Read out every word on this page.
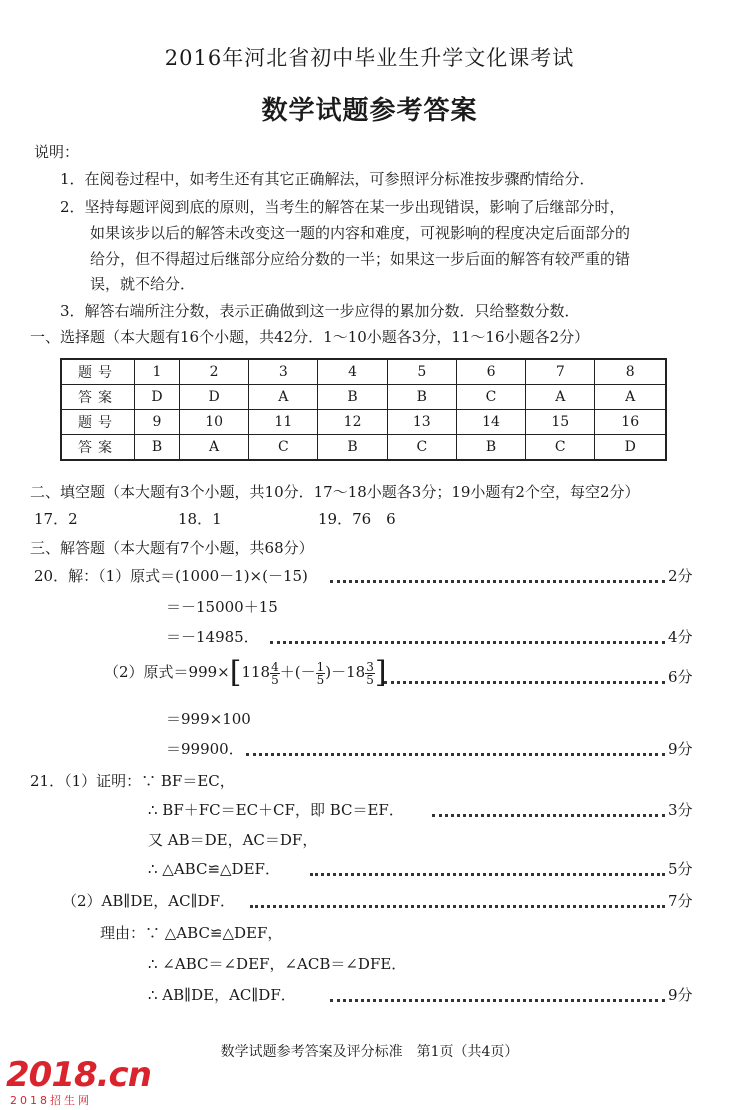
2016年河北省初中毕业生升学文化课考试
数学试题参考答案
说明：
1．在阅卷过程中，如考生还有其它正确解法，可参照评分标准按步骤酌情给分．
2．坚持每题评阅到底的原则，当考生的解答在某一步出现错误，影响了后继部分时，
如果该步以后的解答未改变这一题的内容和难度，可视影响的程度决定后面部分的
给分，但不得超过后继部分应给分数的一半；如果这一步后面的解答有较严重的错
误，就不给分．
3．解答右端所注分数，表示正确做到这一步应得的累加分数．只给整数分数．
一、选择题（本大题有16个小题，共42分．1～10小题各3分，11～16小题各2分）
题号	1	2	3	4	5	6	7	8
答案	D	D	A	B	B	C	A	A
题号	9	10	11	12	13	14	15	16
答案	B	A	C	B	C	B	C	D
二、填空题（本大题有3个小题，共10分．17～18小题各3分；19小题有2个空，每空2分）
17．2	18．1	19．76　6
三、解答题（本大题有7个小题，共68分）
20．解：（1）原式＝(1000－1)×(－15)	2分
＝－15000＋15
＝－14985．	4分
（2）原式$=999\times[118 \frac{4}{5}$ ＋(－ $\frac{1}{5} )-18 \frac{3}{5}$ ]	6分
＝999×100
＝99900．	9分
21．（1）证明：∵ BF＝EC，
∴ BF＋FC＝EC＋CF，即 BC＝EF．	3分
又 AB＝DE，AC＝DF，
∴ △ABC≌△DEF．	5分
（2）AB∥DE，AC∥DF．	7分
理由：∵ △ABC≌△DEF，
∴ ∠ABC＝∠DEF，∠ACB＝∠DFE．
∴ AB∥DE，AC∥DF．	9分
数学试题参考答案及评分标准　第1页（共4页）
2018.cn
2018招生网
